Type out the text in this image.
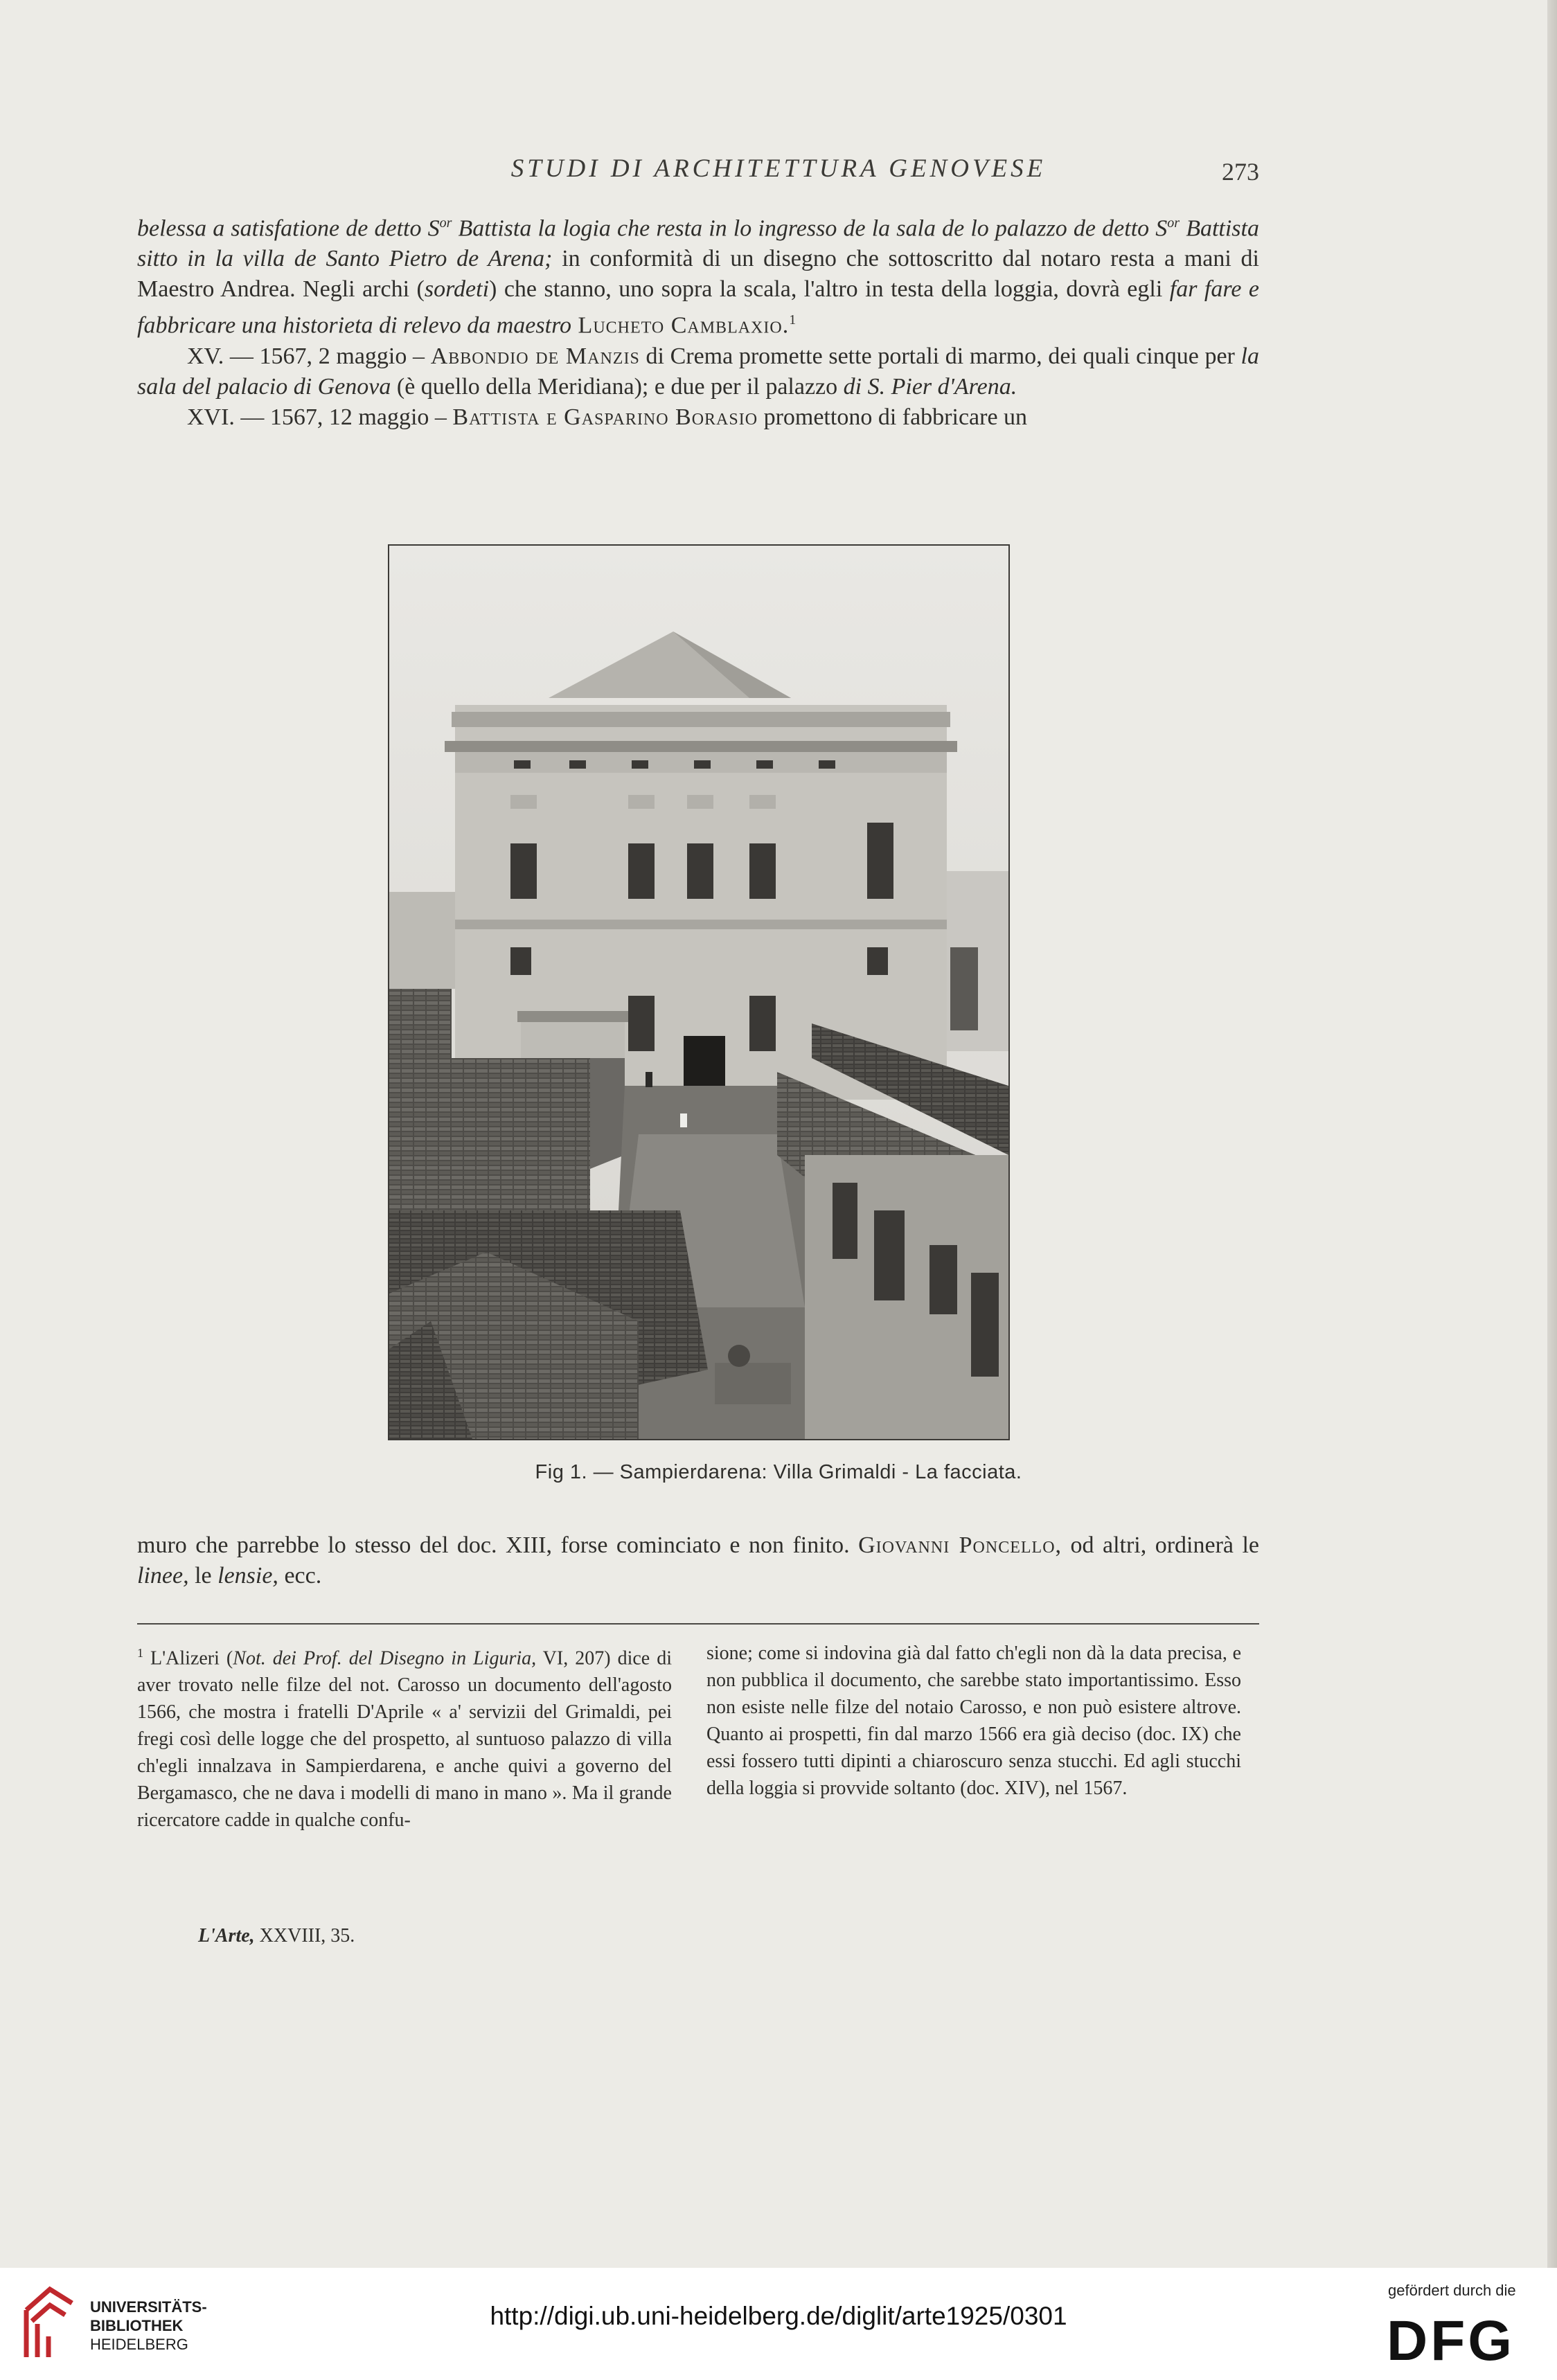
STUDI DI ARCHITETTURA GENOVESE	273

belessa a satisfatione de detto $S^{or}$ Battista la logia che resta in lo ingresso de la sala de lo palazzo de detto $S^{or}$ Battista sitto in la villa de Santo Pietro de Arena; in conformità di un disegno che sottoscritto dal notaro resta a mani di Maestro Andrea. Negli archi (sordeti) che stanno, uno sopra la scala, l'altro in testa della loggia, dovrà egli far fare e fabbricare una historieta di relevo da maestro Lucheto Camblaxio.$^1$

XV. — 1567, 2 maggio – Abbondio de Manzis di Crema promette sette portali di marmo, dei quali cinque per la sala del palacio di Genova (è quello della Meridiana); e due per il palazzo di S. Pier d'Arena.

XVI. — 1567, 12 maggio – Battista e Gasparino Borasio promettono di fabbricare un

Fig 1. — Sampierdarena: Villa Grimaldi - La facciata.

muro che parrebbe lo stesso del doc. XIII, forse cominciato e non finito. Giovanni Poncello, od altri, ordinerà le linee, le lensie, ecc.

$^1$ L'Alizeri (Not. dei Prof. del Disegno in Liguria, VI, 207) dice di aver trovato nelle filze del not. Carosso un documento dell'agosto 1566, che mostra i fratelli D'Aprile « a' servizii del Grimaldi, pei fregi così delle logge che del prospetto, al suntuoso palazzo di villa ch'egli innalzava in Sampierdarena, e anche quivi a governo del Bergamasco, che ne dava i modelli di mano in mano ». Ma il grande ricercatore cadde in qualche confu-
sione; come si indovina già dal fatto ch'egli non dà la data precisa, e non pubblica il documento, che sarebbe stato importantissimo. Esso non esiste nelle filze del notaio Carosso, e non può esistere altrove. Quanto ai prospetti, fin dal marzo 1566 era già deciso (doc. IX) che essi fossero tutti dipinti a chiaroscuro senza stucchi. Ed agli stucchi della loggia si provvide soltanto (doc. XIV), nel 1567.
L'Arte, XXVIII, 35.
UNIVERSITÄTS-
BIBLIOTHEK
HEIDELBERG
http://digi.ub.uni-heidelberg.de/diglit/arte1925/0301
gefördert durch die
DFG
